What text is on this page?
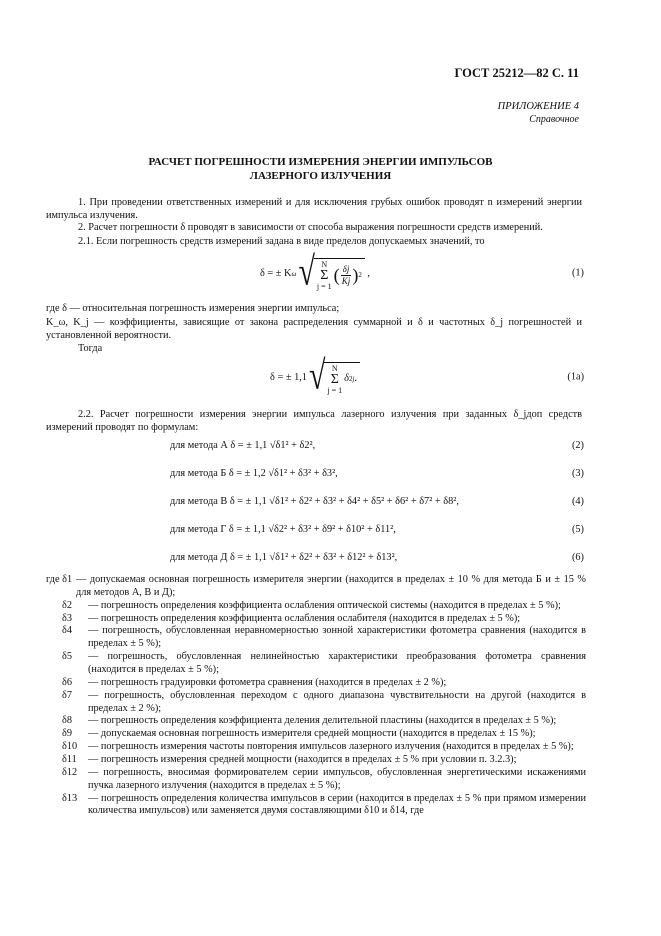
ГОСТ 25212—82 С. 11
ПРИЛОЖЕНИЕ 4
Справочное
РАСЧЕТ ПОГРЕШНОСТИ ИЗМЕРЕНИЯ ЭНЕРГИИ ИМПУЛЬСОВ
ЛАЗЕРНОГО ИЗЛУЧЕНИЯ
1. При проведении ответственных измерений и для исключения грубых ошибок проводят n измерений энергии импульса излучения.
2. Расчет погрешности δ проводят в зависимости от способа выражения погрешности средств измерений.
2.1. Если погрешность средств измерений задана в виде пределов допускаемых значений, то
δ = ± K ω √ N
Σ
j = 1
( $\frac{\delta j}{Kj}$ ) 2 ,	(1)
где δ — относительная погрешность измерения энергии импульса;
K_ω, K_j — коэффициенты, зависящие от закона распределения суммарной и δ и частотных δ_j погрешностей и установленной вероятности.
Тогда
δ = ± 1,1 √ N
Σ
j = 1
δ 2 j .	(1а)
2.2. Расчет погрешности измерения энергии импульса лазерного излучения при заданных δ_jдоп средств измерений проводят по формулам:
для метода А δ = ± 1,1 √δ1² + δ2²,	(2)
для метода Б δ = ± 1,2 √δ1² + δ3² + δ3²,	(3)
для метода В δ = ± 1,1 √δ1² + δ2² + δ3² + δ4² + δ5² + δ6² + δ7² + δ8²,	(4)
для метода Г δ = ± 1,1 √δ2² + δ3² + δ9² + δ10² + δ11²,	(5)
для метода Д δ = ± 1,1 √δ1² + δ2² + δ3² + δ12² + δ13²,	(6)
где δ1 — допускаемая основная погрешность измерителя энергии (находится в пределах ± 10 % для метода Б и ± 15 % для методов А, В и Д);
δ2 — погрешность определения коэффициента ослабления оптической системы (находится в пределах ± 5 %);
δ3 — погрешность определения коэффициента ослабления ослабителя (находится в пределах ± 5 %);
δ4 — погрешность, обусловленная неравномерностью зонной характеристики фотометра сравнения (находится в пределах ± 5 %);
δ5 — погрешность, обусловленная нелинейностью характеристики преобразования фотометра сравнения (находится в пределах ± 5 %);
δ6 — погрешность градуировки фотометра сравнения (находится в пределах ± 2 %);
δ7 — погрешность, обусловленная переходом с одного диапазона чувствительности на другой (находится в пределах ± 2 %);
δ8 — погрешность определения коэффициента деления делительной пластины (находится в пределах ± 5 %);
δ9 — допускаемая основная погрешность измерителя средней мощности (находится в пределах ± 15 %);
δ10 — погрешность измерения частоты повторения импульсов лазерного излучения (находится в пределах ± 5 %);
δ11 — погрешность измерения средней мощности (находится в пределах ± 5 % при условии п. 3.2.3);
δ12 — погрешность, вносимая формирователем серии импульсов, обусловленная энергетическими искажениями пучка лазерного излучения (находится в пределах ± 5 %);
δ13 — погрешность определения количества импульсов в серии (находится в пределах ± 5 % при прямом измерении количества импульсов) или заменяется двумя составляющими δ10 и δ14, где
